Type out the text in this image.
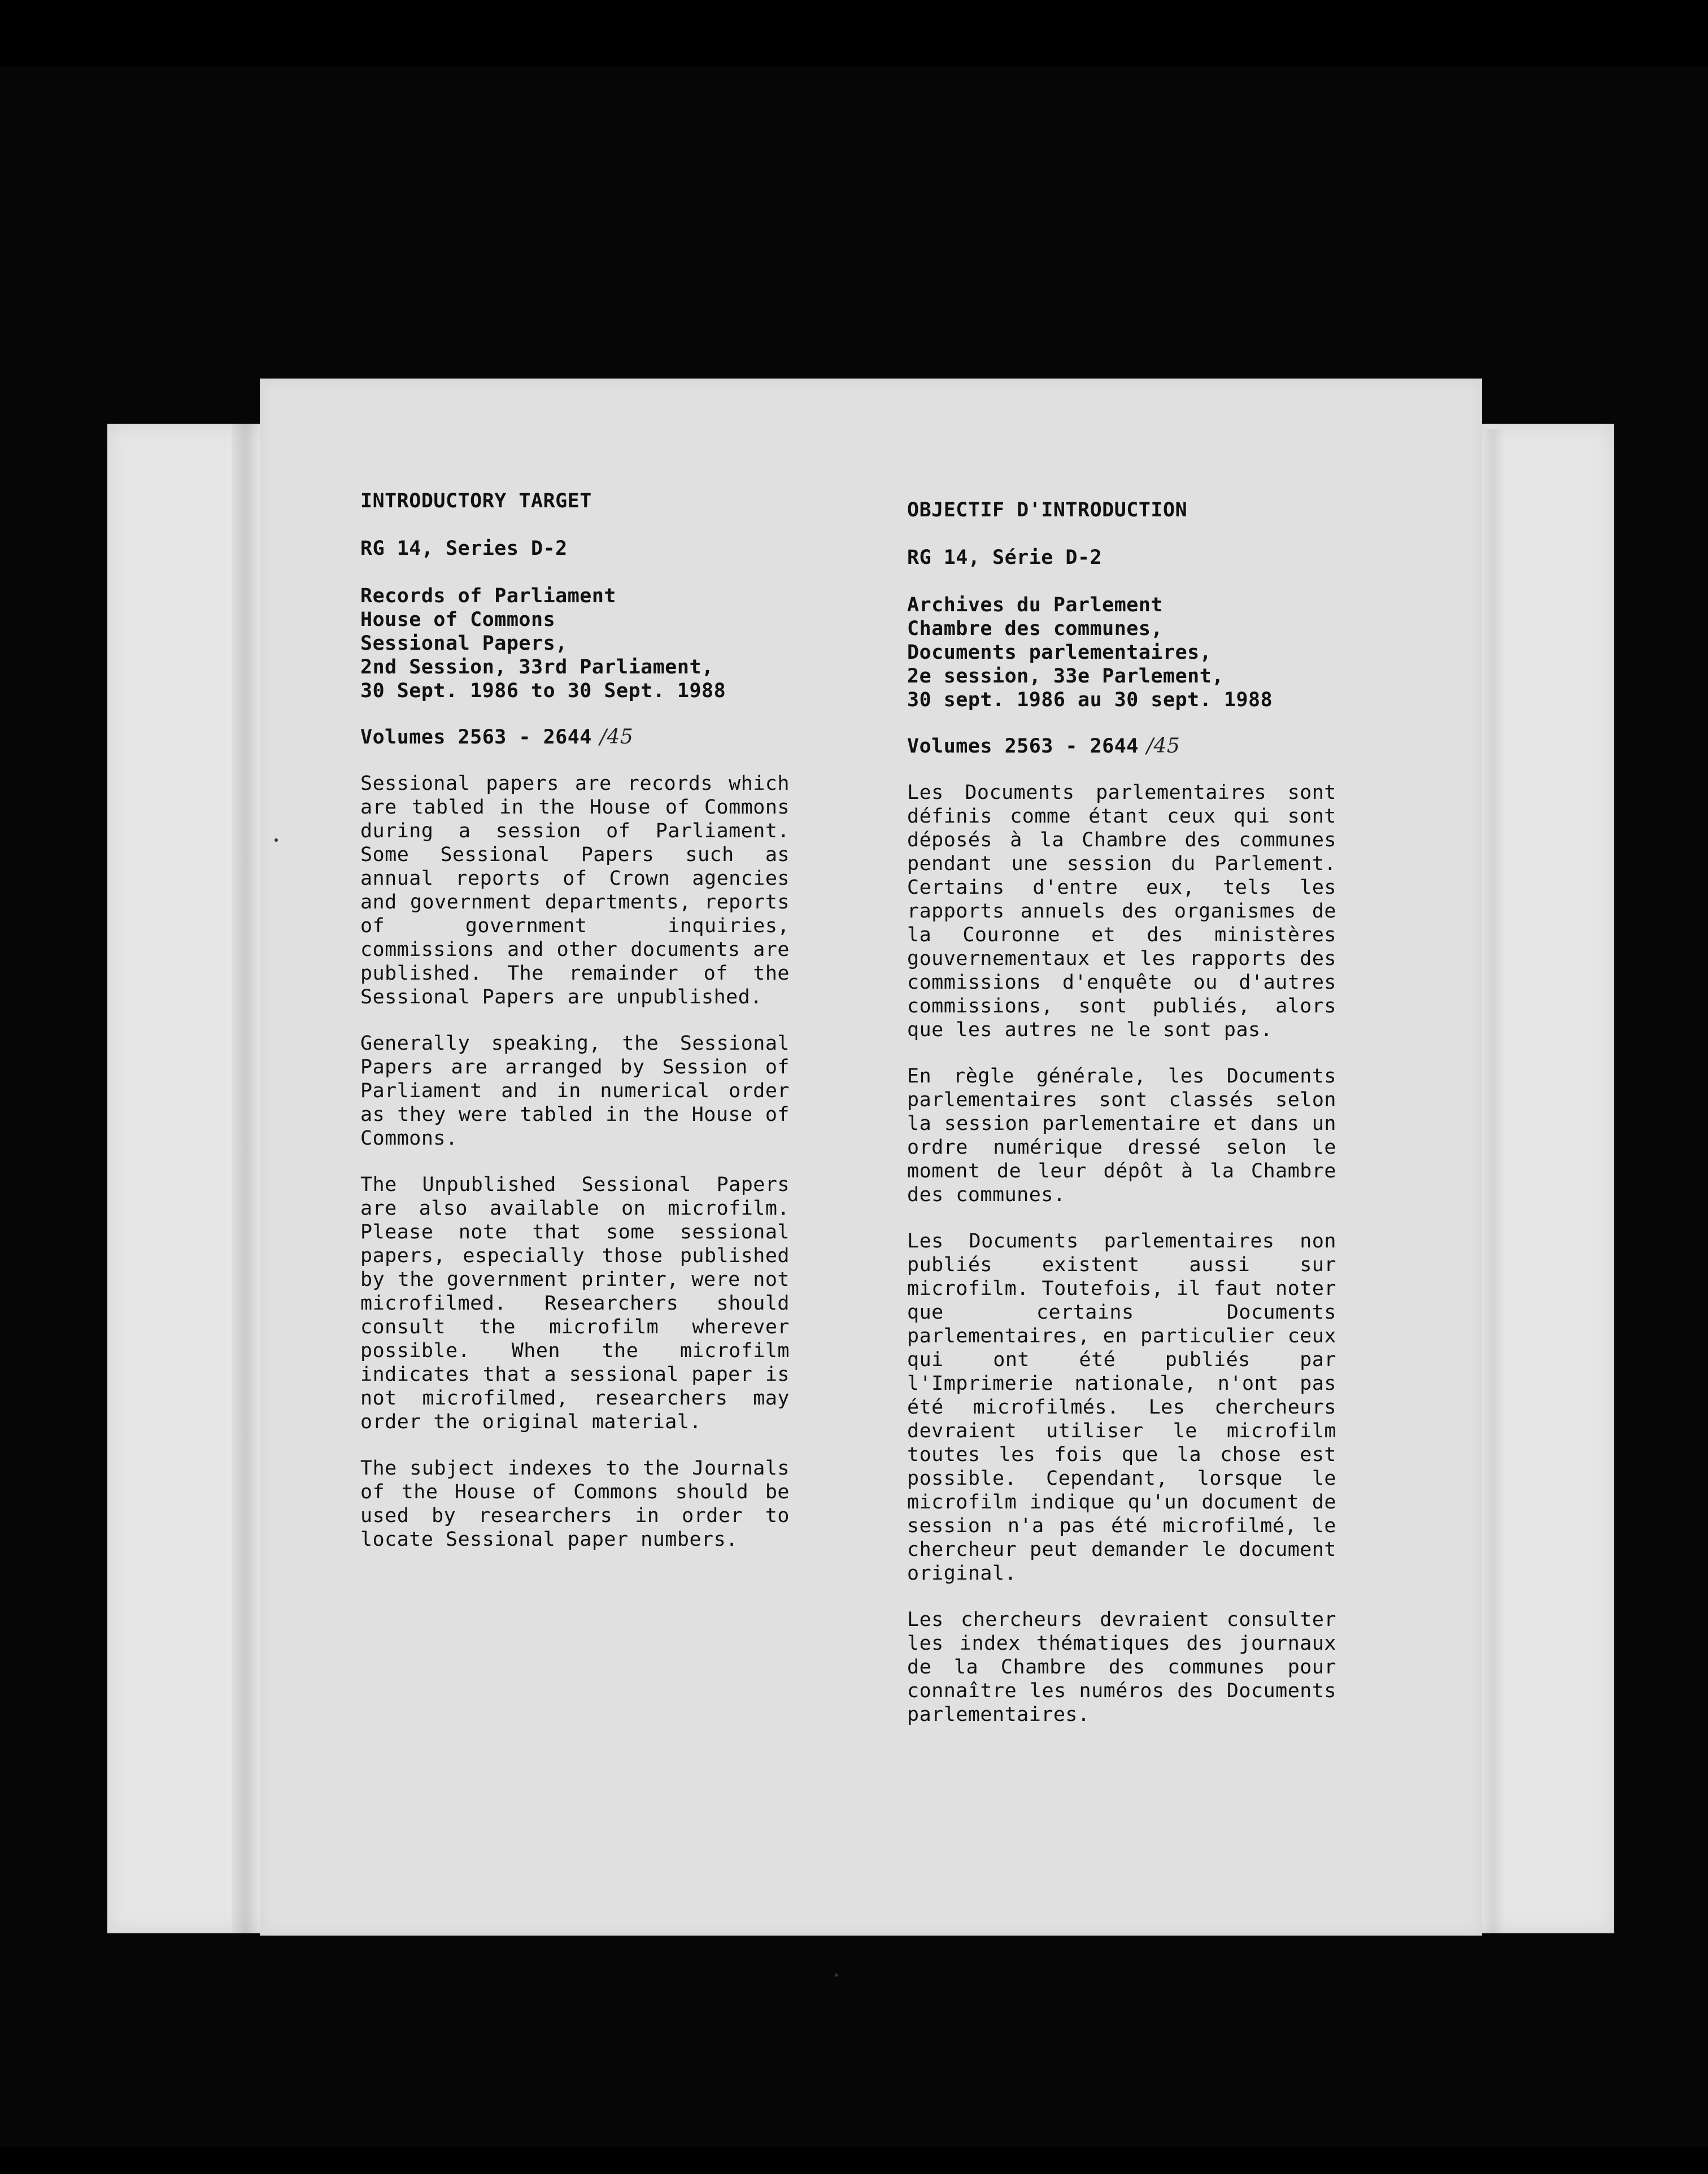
INTRODUCTORY TARGET

RG 14, Series D-2

Records of Parliament
House of Commons
Sessional Papers,
2nd Session, 33rd Parliament,
30 Sept. 1986 to 30 Sept. 1988

Volumes 2563 - 2644 /45

Sessional papers are records which are tabled in the House of Commons during a session of Parliament. Some Sessional Papers such as annual reports of Crown agencies and government departments, reports of government inquiries, commissions and other documents are published. The remainder of the Sessional Papers are unpublished.

Generally speaking, the Sessional Papers are arranged by Session of Parliament and in numerical order as they were tabled in the House of Commons.

The Unpublished Sessional Papers are also available on microfilm. Please note that some sessional papers, especially those published by the government printer, were not microfilmed. Researchers should consult the microfilm wherever possible. When the microfilm indicates that a sessional paper is not microfilmed, researchers may order the original material.

The subject indexes to the Journals of the House of Commons should be used by researchers in order to locate Sessional paper numbers.

OBJECTIF D'INTRODUCTION

RG 14, Série D-2

Archives du Parlement
Chambre des communes,
Documents parlementaires,
2e session, 33e Parlement,
30 sept. 1986 au 30 sept. 1988

Volumes 2563 - 2644 /45

Les Documents parlementaires sont définis comme étant ceux qui sont déposés à la Chambre des communes pendant une session du Parlement. Certains d'entre eux, tels les rapports annuels des organismes de la Couronne et des ministères gouvernementaux et les rapports des commissions d'enquête ou d'autres commissions, sont publiés, alors que les autres ne le sont pas.

En règle générale, les Documents parlementaires sont classés selon la session parlementaire et dans un ordre numérique dressé selon le moment de leur dépôt à la Chambre des communes.

Les Documents parlementaires non publiés existent aussi sur microfilm. Toutefois, il faut noter que certains Documents parlementaires, en particulier ceux qui ont été publiés par l'Imprimerie nationale, n'ont pas été microfilmés. Les chercheurs devraient utiliser le microfilm toutes les fois que la chose est possible. Cependant, lorsque le microfilm indique qu'un document de session n'a pas été microfilmé, le chercheur peut demander le document original.

Les chercheurs devraient consulter les index thématiques des journaux de la Chambre des communes pour connaître les numéros des Documents parlementaires.
